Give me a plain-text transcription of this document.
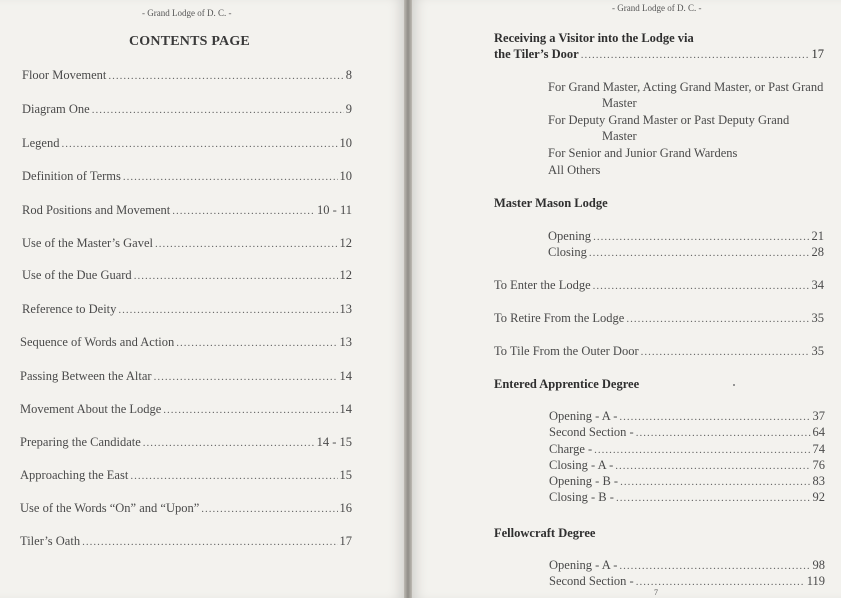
- Grand Lodge of D. C. -
CONTENTS PAGE
Floor Movement .....	8
Diagram One .....	9
Legend .....	10
Definition of Terms .....	10
Rod Positions and Movement .....	10 - 11
Use of the Master’s Gavel .....	12
Use of the Due Guard .....	12
Reference to Deity .....	13
Sequence of Words and Action .....	13
Passing Between the Altar .....	14
Movement About the Lodge .....	14
Preparing the Candidate .....	14 - 15
Approaching the East .....	15
Use of the Words “On” and “Upon” .....	16
Tiler’s Oath .....	17
- Grand Lodge of D. C. -
Receiving a Visitor into the Lodge via
the Tiler’s Door .....	17
For Grand Master, Acting Grand Master, or Past Grand Master
For Deputy Grand Master or Past Deputy Grand Master
For Senior and Junior Grand Wardens
All Others
Master Mason Lodge
Opening .....	21
Closing .....	28
To Enter the Lodge .....	34
To Retire From the Lodge .....	35
To Tile From the Outer Door .....	35
Entered Apprentice Degree
Opening - A - .....	37
Second Section - .....	64
Charge - .....	74
Closing - A - .....	76
Opening - B - .....	83
Closing - B - .....	92
Fellowcraft Degree
Opening - A - .....	98
Second Section - .....	119
7
